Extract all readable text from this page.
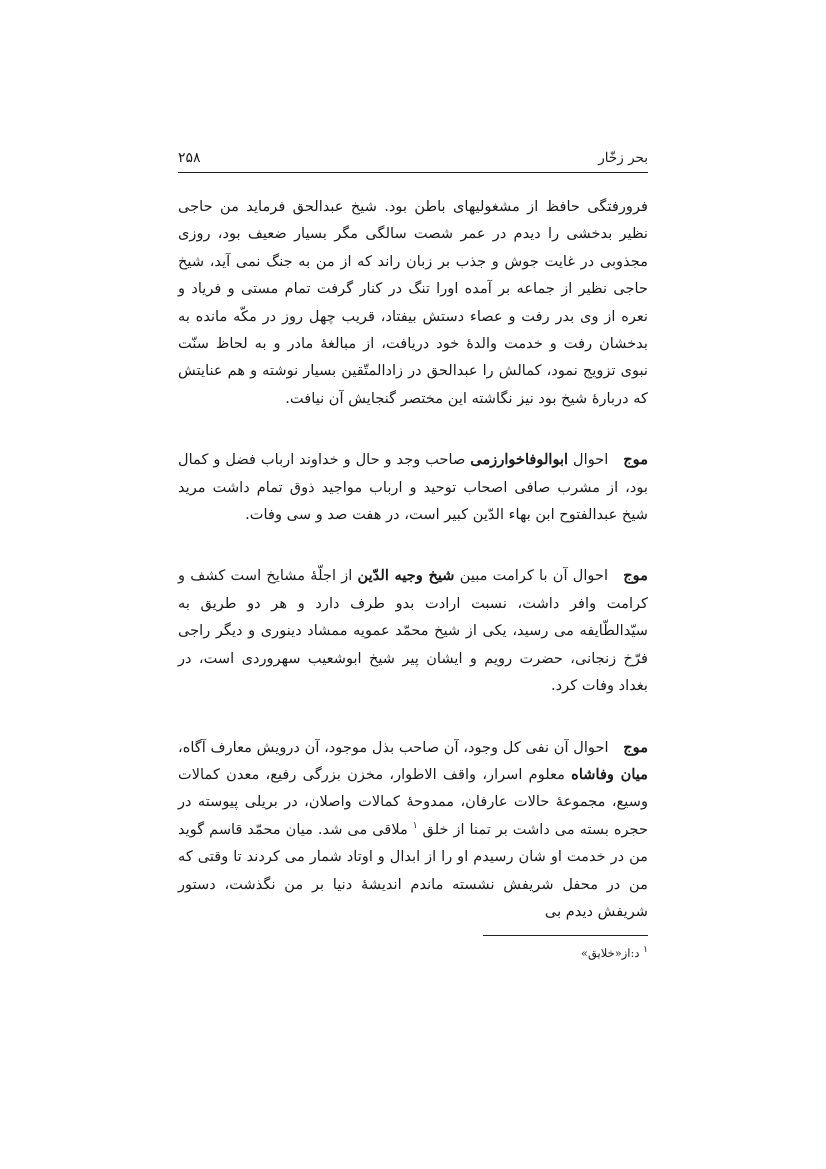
بحر زخّار
۲۵۸

فرورفتگی حافظ از مشغولیهای باطن بود. شیخ عبدالحق فرماید من حاجی نظیر بدخشی را دیدم در عمر شصت سالگی مگر بسیار ضعیف بود، روزی مجذوبی در غایت جوش و جذب بر زبان راند که از من به جنگ نمی آید، شیخ حاجی نظیر از جماعه بر آمده اورا تنگ در کنار گرفت تمام مستی و فریاد و نعره از وی بدر رفت و عصاء دستش بیفتاد، قریب چهل روز در مکّه مانده به بدخشان رفت و خدمت والدۀ خود دریافت، از مبالغۀ مادر و به لحاظ سنّت نبوی تزویج نمود، کمالش را عبدالحق در زادالمتّقین بسیار نوشته و هم عنایتش که دربارۀ شیخ بود نیز نگاشته این مختصر گنجایش آن نیافت.

موج احوال ابوالوفاخوارزمی صاحب وجد و حال و خداوند ارباب فضل و کمال بود، از مشرب صافی اصحاب توحید و ارباب مواجید ذوق تمام داشت مرید شیخ عبدالفتوح ابن بهاء الدّین کبیر است، در هفت صد و سی وفات.

موج احوال آن با کرامت مبین شیخ وجیه الدّین از اجلّۀ مشایخ است کشف و کرامت وافر داشت، نسبت ارادت بدو طرف دارد و هر دو طریق به سیّدالطّایفه می رسید، یکی از شیخ محمّد عمویه ممشاد دینوری و دیگر راجی فرّخ زنجانی، حضرت رویم و ایشان پیر شیخ ابوشعیب سهروردی است، در بغداد وفات کرد.

موج احوال آن نفی کل وجود، آن صاحب بذل موجود، آن درویش معارف آگاه، میان وفاشاه معلوم اسرار، واقف الاطوار، مخزن بزرگی رفیع، معدن کمالات وسیع، مجموعۀ حالات عارفان، ممدوحۀ کمالات واصلان، در بریلی پیوسته در حجره بسته می داشت بر تمنا از خلق $^۱$ ملاقی می شد. میان محمّد قاسم گوید من در خدمت او شان رسیدم او را از ابدال و اوتاد شمار می کردند تا وقتی که من در محفل شریفش نشسته ماندم اندیشۀ دنیا بر من نگذشت، دستور شریفش دیدم بی

$^۱$ د:از«خلایق»
